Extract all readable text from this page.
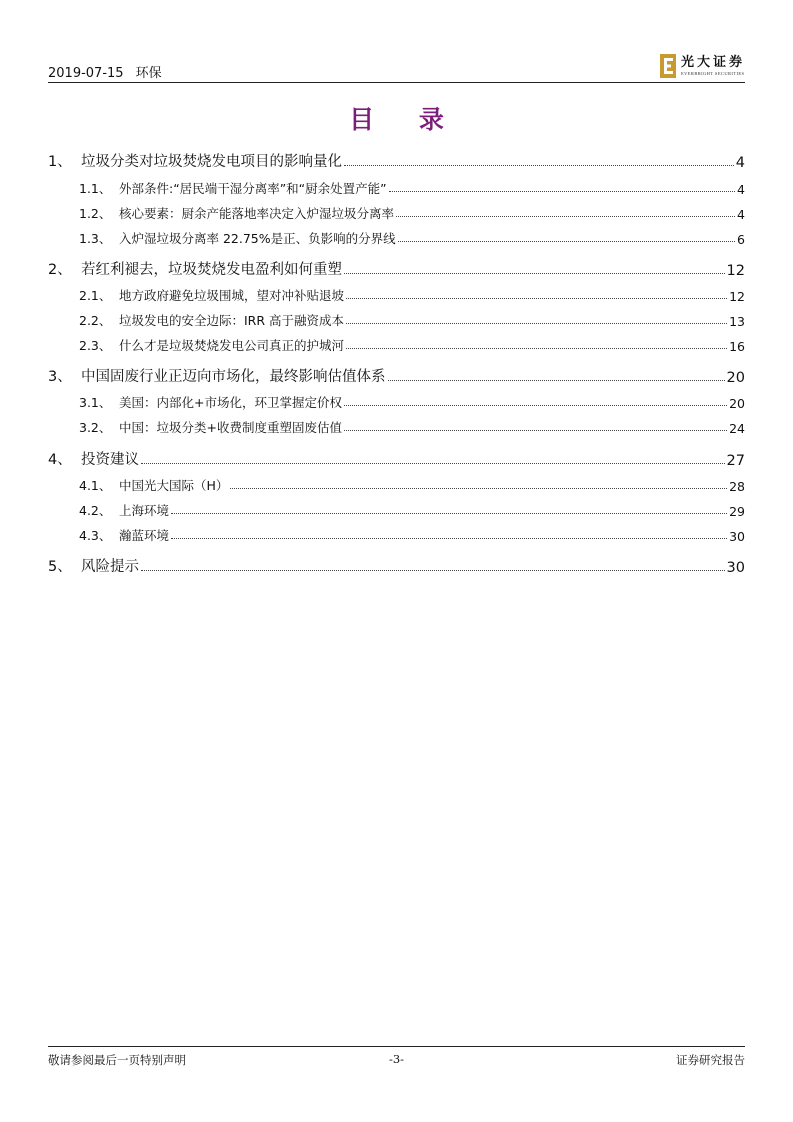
2019-07-15 环保
光大证券
EVERBRIGHT SECURITIES
目 录
1、 垃圾分类对垃圾焚烧发电项目的影响量化	4
1.1、 外部条件:“居民端干湿分离率”和“厨余处置产能”	4
1.2、 核心要素：厨余产能落地率决定入炉湿垃圾分离率	4
1.3、 入炉湿垃圾分离率 22.75%是正、负影响的分界线	6
2、 若红利褪去，垃圾焚烧发电盈利如何重塑	12
2.1、 地方政府避免垃圾围城，望对冲补贴退坡	12
2.2、 垃圾发电的安全边际：IRR 高于融资成本	13
2.3、 什么才是垃圾焚烧发电公司真正的护城河	16
3、 中国固废行业正迈向市场化，最终影响估值体系	20
3.1、 美国：内部化+市场化，环卫掌握定价权	20
3.2、 中国：垃圾分类+收费制度重塑固废估值	24
4、 投资建议	27
4.1、 中国光大国际（H）	28
4.2、 上海环境	29
4.3、 瀚蓝环境	30
5、 风险提示	30
敬请参阅最后一页特别声明	-3-	证券研究报告
